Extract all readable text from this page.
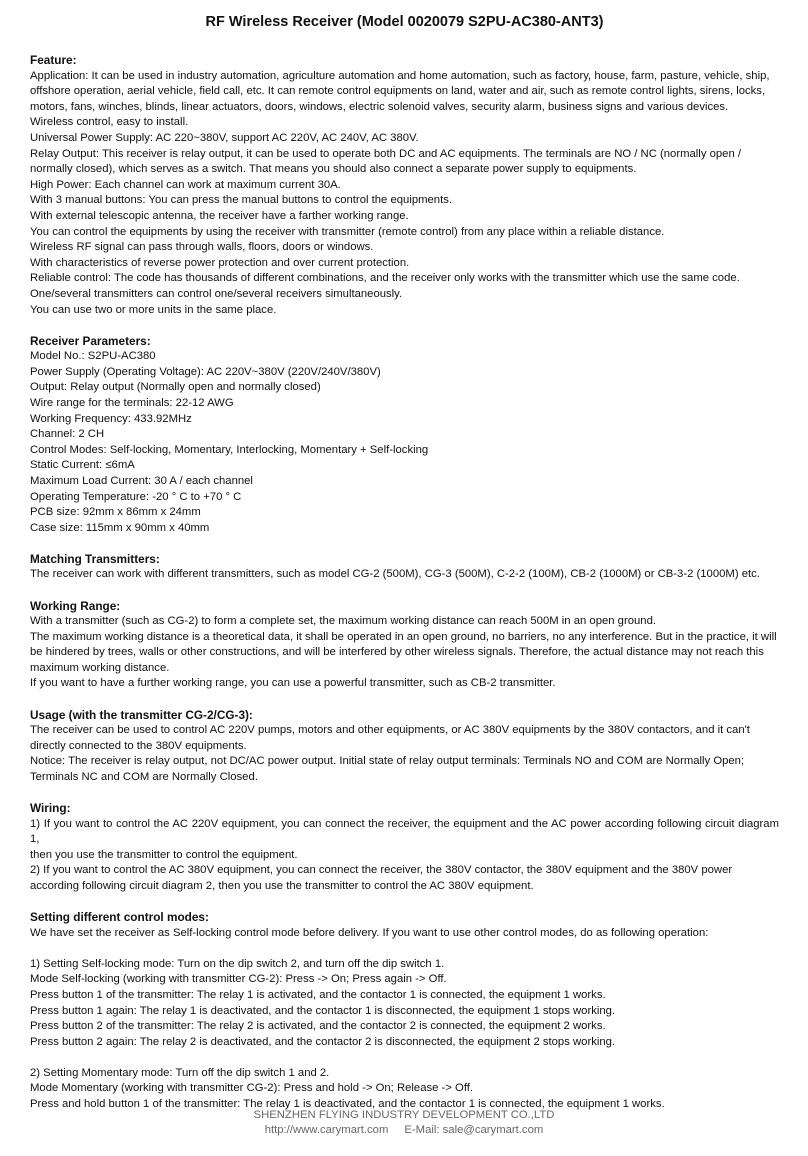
RF Wireless Receiver (Model 0020079 S2PU-AC380-ANT3)
Feature:
Application: It can be used in industry automation, agriculture automation and home automation, such as factory, house, farm, pasture, vehicle, ship,
offshore operation, aerial vehicle, field call, etc. It can remote control equipments on land, water and air, such as remote control lights, sirens, locks,
motors, fans, winches, blinds, linear actuators, doors, windows, electric solenoid valves, security alarm, business signs and various devices.
Wireless control, easy to install.
Universal Power Supply: AC 220~380V, support AC 220V, AC 240V, AC 380V.
Relay Output: This receiver is relay output, it can be used to operate both DC and AC equipments. The terminals are NO / NC (normally open /
normally closed), which serves as a switch. That means you should also connect a separate power supply to equipments.
High Power: Each channel can work at maximum current 30A.
With 3 manual buttons: You can press the manual buttons to control the equipments.
With external telescopic antenna, the receiver have a farther working range.
You can control the equipments by using the receiver with transmitter (remote control) from any place within a reliable distance.
Wireless RF signal can pass through walls, floors, doors or windows.
With characteristics of reverse power protection and over current protection.
Reliable control: The code has thousands of different combinations, and the receiver only works with the transmitter which use the same code.
One/several transmitters can control one/several receivers simultaneously.
You can use two or more units in the same place.
Receiver Parameters:
Model No.: S2PU-AC380
Power Supply (Operating Voltage): AC 220V~380V (220V/240V/380V)
Output: Relay output (Normally open and normally closed)
Wire range for the terminals: 22-12 AWG
Working Frequency: 433.92MHz
Channel: 2 CH
Control Modes: Self-locking, Momentary, Interlocking, Momentary + Self-locking
Static Current: ≤6mA
Maximum Load Current: 30 A / each channel
Operating Temperature: -20 ° C to +70 ° C
PCB size: 92mm x 86mm x 24mm
Case size: 115mm x 90mm x 40mm
Matching Transmitters:
The receiver can work with different transmitters, such as model CG-2 (500M), CG-3 (500M), C-2-2 (100M), CB-2 (1000M) or CB-3-2 (1000M) etc.
Working Range:
With a transmitter (such as CG-2) to form a complete set, the maximum working distance can reach 500M in an open ground.
The maximum working distance is a theoretical data, it shall be operated in an open ground, no barriers, no any interference. But in the practice, it will
be hindered by trees, walls or other constructions, and will be interfered by other wireless signals. Therefore, the actual distance may not reach this
maximum working distance.
If you want to have a further working range, you can use a powerful transmitter, such as CB-2 transmitter.
Usage (with the transmitter CG-2/CG-3):
The receiver can be used to control AC 220V pumps, motors and other equipments, or AC 380V equipments by the 380V contactors, and it can't
directly connected to the 380V equipments.
Notice: The receiver is relay output, not DC/AC power output. Initial state of relay output terminals: Terminals NO and COM are Normally Open;
Terminals NC and COM are Normally Closed.
Wiring:
1) If you want to control the AC 220V equipment, you can connect the receiver, the equipment and the AC power according following circuit diagram 1,
then you use the transmitter to control the equipment.
2) If you want to control the AC 380V equipment, you can connect the receiver, the 380V contactor, the 380V equipment and the 380V power
according following circuit diagram 2, then you use the transmitter to control the AC 380V equipment.
Setting different control modes:
We have set the receiver as Self-locking control mode before delivery. If you want to use other control modes, do as following operation:
1) Setting Self-locking mode: Turn on the dip switch 2, and turn off the dip switch 1.
Mode Self-locking (working with transmitter CG-2): Press -> On; Press again -> Off.
Press button 1 of the transmitter: The relay 1 is activated, and the contactor 1 is connected, the equipment 1 works.
Press button 1 again: The relay 1 is deactivated, and the contactor 1 is disconnected, the equipment 1 stops working.
Press button 2 of the transmitter: The relay 2 is activated, and the contactor 2 is connected, the equipment 2 works.
Press button 2 again: The relay 2 is deactivated, and the contactor 2 is disconnected, the equipment 2 stops working.
2) Setting Momentary mode: Turn off the dip switch 1 and 2.
Mode Momentary (working with transmitter CG-2): Press and hold -> On; Release -> Off.
Press and hold button 1 of the transmitter: The relay 1 is deactivated, and the contactor 1 is connected, the equipment 1 works.
SHENZHEN FLYING INDUSTRY DEVELOPMENT CO.,LTD
http://www.carymart.com E-Mail: sale@carymart.com
